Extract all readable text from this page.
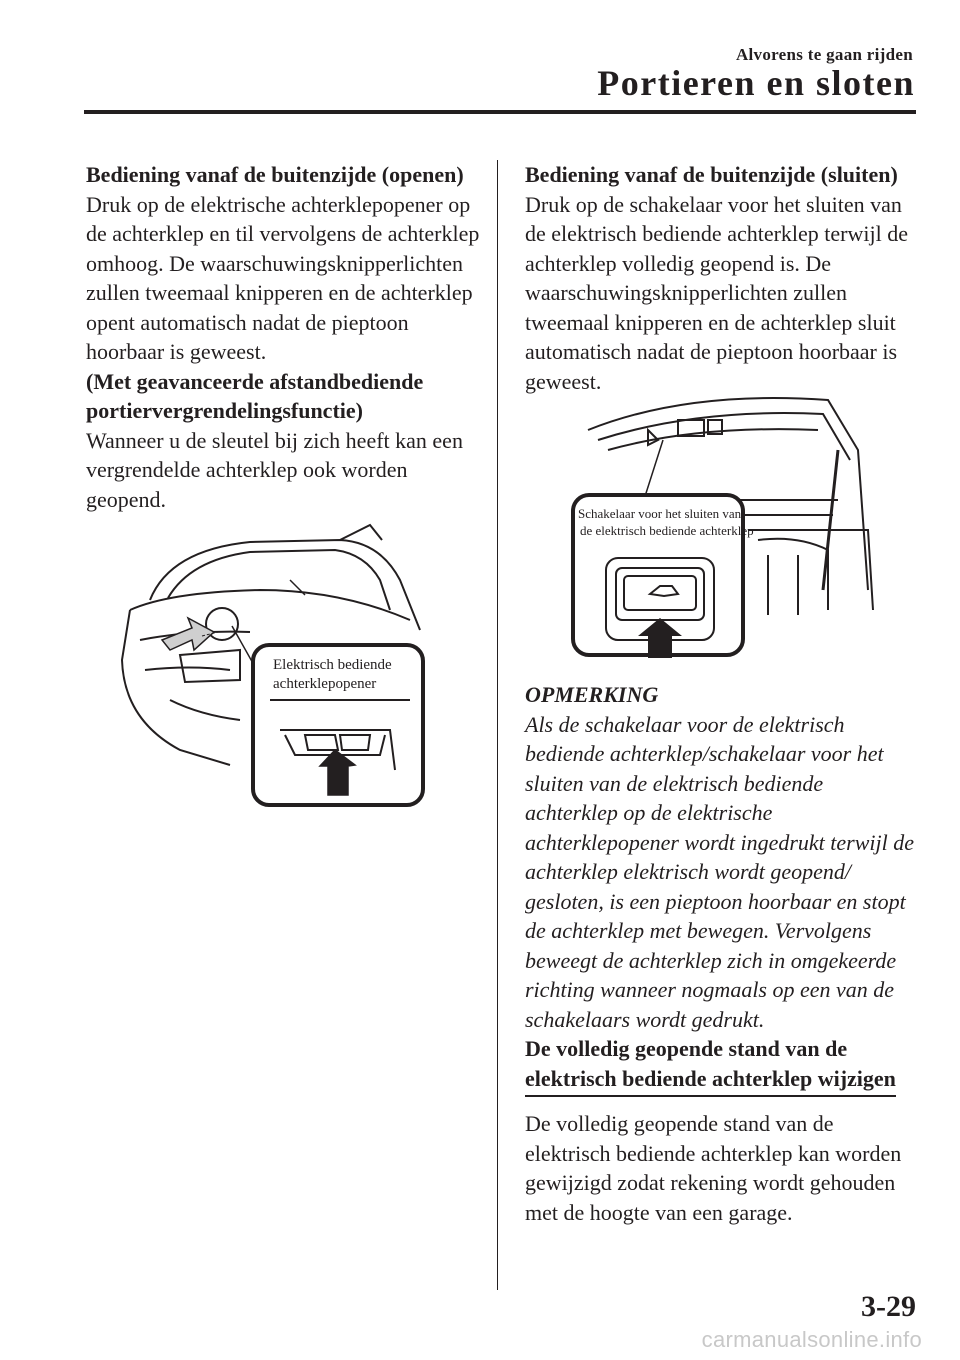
Alvorens te gaan rijden
Portieren en sloten

Bediening vanaf de buitenzijde (openen)

Druk op de elektrische achterklepopener op de achterklep en til vervolgens de achterklep omhoog. De waarschuwingsknipperlichten zullen tweemaal knipperen en de achterklep opent automatisch nadat de pieptoon hoorbaar is geweest.

(Met geavanceerde afstandbediende portiervergrendelingsfunctie)

Wanneer u de sleutel bij zich heeft kan een vergrendelde achterklep ook worden geopend.

Elektrisch bediende
achterklepopener

Bediening vanaf de buitenzijde (sluiten)

Druk op de schakelaar voor het sluiten van de elektrisch bediende achterklep terwijl de achterklep volledig geopend is. De waarschuwingsknipperlichten zullen tweemaal knipperen en de achterklep sluit automatisch nadat de pieptoon hoorbaar is geweest.

Schakelaar voor het sluiten van
de elektrisch bediende achterklep

OPMERKING

Als de schakelaar voor de elektrisch bediende achterklep/schakelaar voor het sluiten van de elektrisch bediende achterklep op de elektrische achterklepopener wordt ingedrukt terwijl de achterklep elektrisch wordt geopend/ gesloten, is een pieptoon hoorbaar en stopt de achterklep met bewegen. Vervolgens beweegt de achterklep zich in omgekeerde richting wanneer nogmaals op een van de schakelaars wordt gedrukt.

De volledig geopende stand van de
elektrisch bediende achterklep wijzigen

De volledig geopende stand van de elektrisch bediende achterklep kan worden gewijzigd zodat rekening wordt gehouden met de hoogte van een garage.

3-29
carmanualsonline.info
